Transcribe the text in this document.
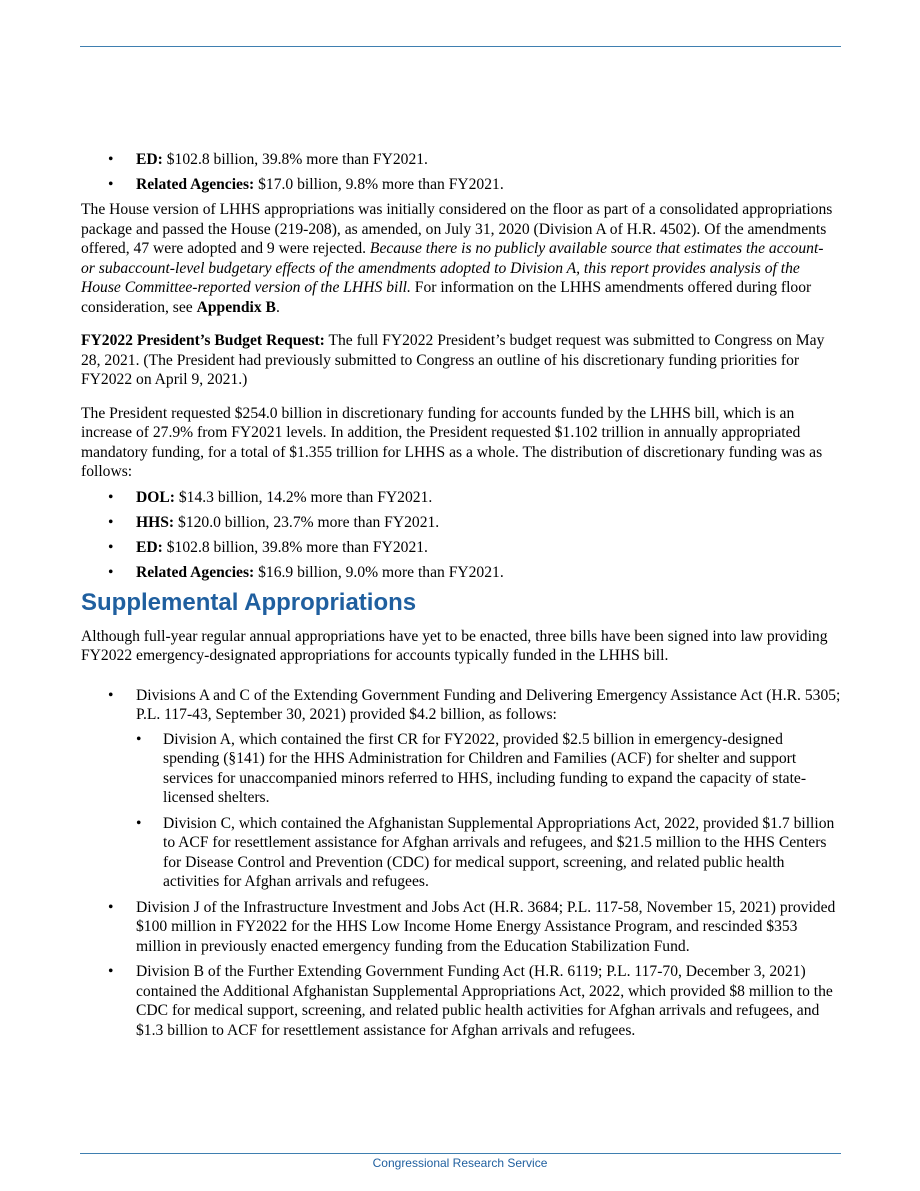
• ED: $102.8 billion, 39.8% more than FY2021.
• Related Agencies: $17.0 billion, 9.8% more than FY2021.

The House version of LHHS appropriations was initially considered on the floor as part of a consolidated appropriations package and passed the House (219-208), as amended, on July 31, 2020 (Division A of H.R. 4502). Of the amendments offered, 47 were adopted and 9 were rejected. Because there is no publicly available source that estimates the account- or subaccount-level budgetary effects of the amendments adopted to Division A, this report provides analysis of the House Committee-reported version of the LHHS bill. For information on the LHHS amendments offered during floor consideration, see Appendix B.

FY2022 President’s Budget Request: The full FY2022 President’s budget request was submitted to Congress on May 28, 2021. (The President had previously submitted to Congress an outline of his discretionary funding priorities for FY2022 on April 9, 2021.)

The President requested $254.0 billion in discretionary funding for accounts funded by the LHHS bill, which is an increase of 27.9% from FY2021 levels. In addition, the President requested $1.102 trillion in annually appropriated mandatory funding, for a total of $1.355 trillion for LHHS as a whole. The distribution of discretionary funding was as follows:

• DOL: $14.3 billion, 14.2% more than FY2021.
• HHS: $120.0 billion, 23.7% more than FY2021.
• ED: $102.8 billion, 39.8% more than FY2021.
• Related Agencies: $16.9 billion, 9.0% more than FY2021.
Supplemental Appropriations

Although full-year regular annual appropriations have yet to be enacted, three bills have been signed into law providing FY2022 emergency-designated appropriations for accounts typically funded in the LHHS bill.

• Divisions A and C of the Extending Government Funding and Delivering Emergency Assistance Act (H.R. 5305; P.L. 117-43, September 30, 2021) provided $4.2 billion, as follows:
• Division A, which contained the first CR for FY2022, provided $2.5 billion in emergency-designed spending (§141) for the HHS Administration for Children and Families (ACF) for shelter and support services for unaccompanied minors referred to HHS, including funding to expand the capacity of state-licensed shelters.
• Division C, which contained the Afghanistan Supplemental Appropriations Act, 2022, provided $1.7 billion to ACF for resettlement assistance for Afghan arrivals and refugees, and $21.5 million to the HHS Centers for Disease Control and Prevention (CDC) for medical support, screening, and related public health activities for Afghan arrivals and refugees.
• Division J of the Infrastructure Investment and Jobs Act (H.R. 3684; P.L. 117-58, November 15, 2021) provided $100 million in FY2022 for the HHS Low Income Home Energy Assistance Program, and rescinded $353 million in previously enacted emergency funding from the Education Stabilization Fund.
• Division B of the Further Extending Government Funding Act (H.R. 6119; P.L. 117-70, December 3, 2021) contained the Additional Afghanistan Supplemental Appropriations Act, 2022, which provided $8 million to the CDC for medical support, screening, and related public health activities for Afghan arrivals and refugees, and $1.3 billion to ACF for resettlement assistance for Afghan arrivals and refugees.
Congressional Research Service
